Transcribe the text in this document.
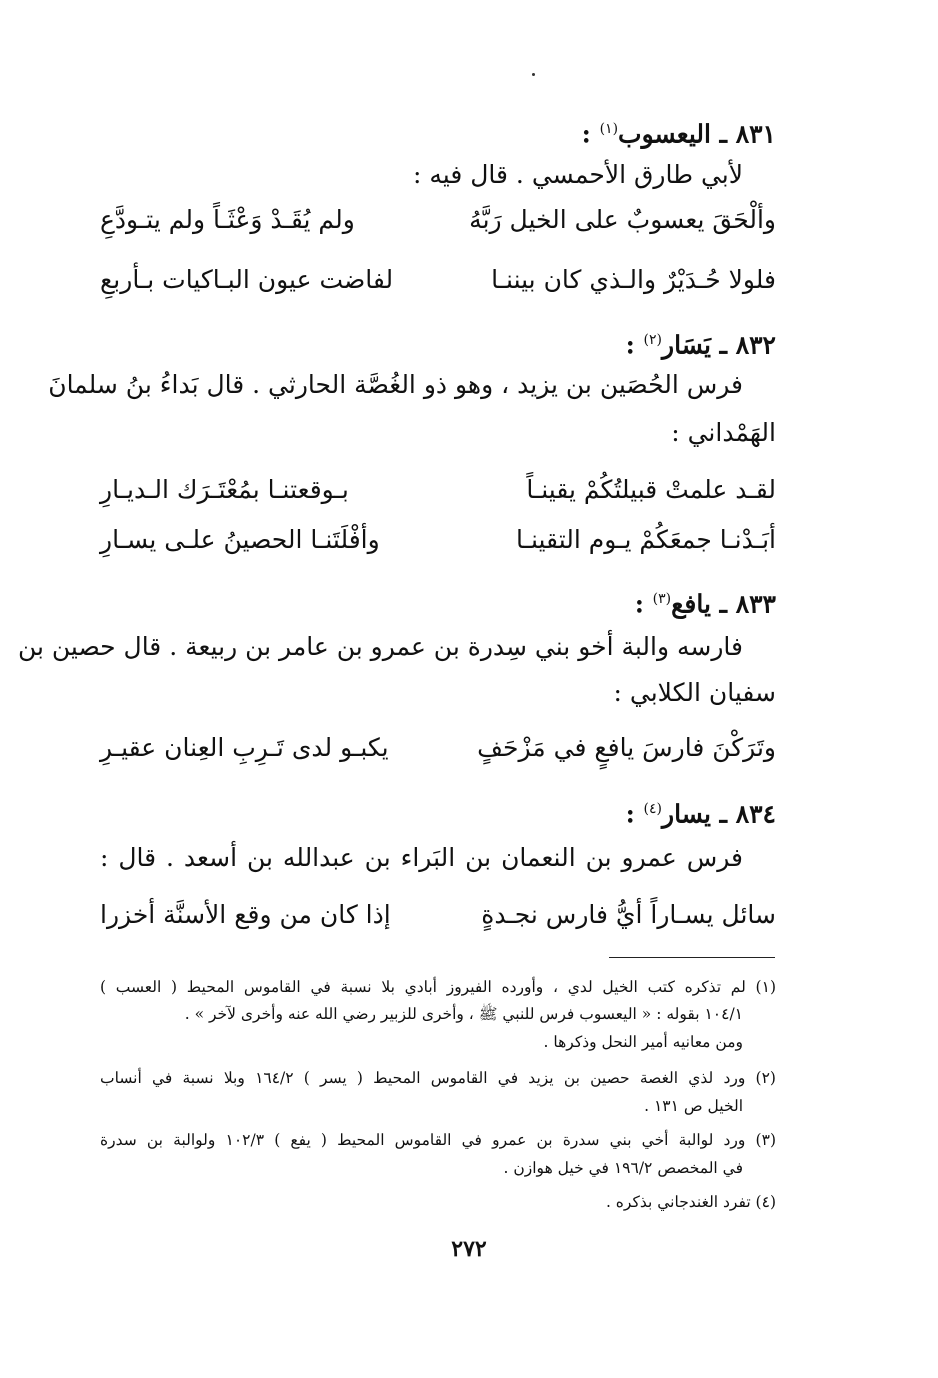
٨٣١ ـ اليعسوب$^{(١)}$ :
لأبي طارق الأحمسي . قال فيه :
وألْحَقَ يعسوبٌ على الخيل رَبَّهُ
ولم يُقَـدْ وَعْثَـاً ولم يتـودَّعِ
فلولا حُـدَيْرٌ والـذي كان بيننـا
لفاضت عيون البـاكيات بـأربعِ
٨٣٢ ـ يَسَار$^{(٢)}$ :
فرس الحُصَين بن يزيد ، وهو ذو الغُصَّة الحارثي . قال بَداءُ بنُ سلمانَ
الهَمْداني :
لقـد علمتْ قبيلتُكُمْ يقينـاً
بـوقعتنـا بمُعْتَـرَك الـديـارِ
أبَـدْنـا جمعَكُمْ يـوم التقينـا
وأفْلَتَنـا الحصينُ علـى يسـارِ
٨٣٣ ـ يافع$^{(٣)}$ :
فارسه والبة أخو بني سِدرة بن عمرو بن عامر بن ربيعة . قال حصين بن
سفيان الكلابي :
وتَرَكْنَ فارسَ يافعٍ في مَزْحَفٍ
يكبـو لدى تَـرِبِ العِنان عقيـرِ
٨٣٤ ـ يسار$^{(٤)}$ :
فرس عمرو بن النعمان بن البَراء بن عبدالله بن أسعد . قال :
سائل يسـاراً أيُّ فارس نجـدةٍ
إذا كان من وقع الأسنَّة أخزرا
(١) لم تذكره كتب الخيل لدي ، وأورده الفيروز أبادي بلا نسبة في القاموس المحيط ( العسب )
١٠٤/١ بقوله : « اليعسوب فرس للنبي ﷺ ، وأخرى للزبير رضي الله عنه وأخرى لآخر » .
ومن معانيه أمير النحل وذكرها .
(٢) ورد لذي الغصة حصين بن يزيد في القاموس المحيط ( يسر ) ١٦٤/٢ وبلا نسبة في أنساب
الخيل ص ١٣١ .
(٣) ورد لوالبة أخي بني سدرة بن عمرو في القاموس المحيط ( يفع ) ١٠٢/٣ ولوالبة بن سدرة
في المخصص ١٩٦/٢ في خيل هوازن .
(٤) تفرد الغندجاني بذكره .
٢٧٢
